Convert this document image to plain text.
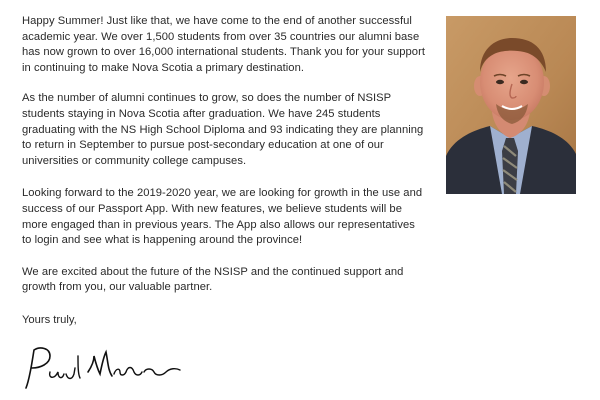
Happy Summer! Just like that, we have come to the end of another successful academic year. We over 1,500 students from over 35 countries our alumni base has now grown to over 16,000 international students. Thank you for your support in continuing to make Nova Scotia a primary destination.

As the number of alumni continues to grow, so does the number of NSISP students staying in Nova Scotia after graduation. We have 245 students graduating with the NS High School Diploma and 93 indicating they are planning to return in September to pursue post-secondary education at one of our universities or community college campuses.

Looking forward to the 2019-2020 year, we are looking for growth in the use and success of our Passport App. With new features, we believe students will be more engaged than in previous years. The App also allows our representatives to login and see what is happening around the province!

We are excited about the future of the NSISP and the continued support and growth from you, our valuable partner.

Yours truly,
